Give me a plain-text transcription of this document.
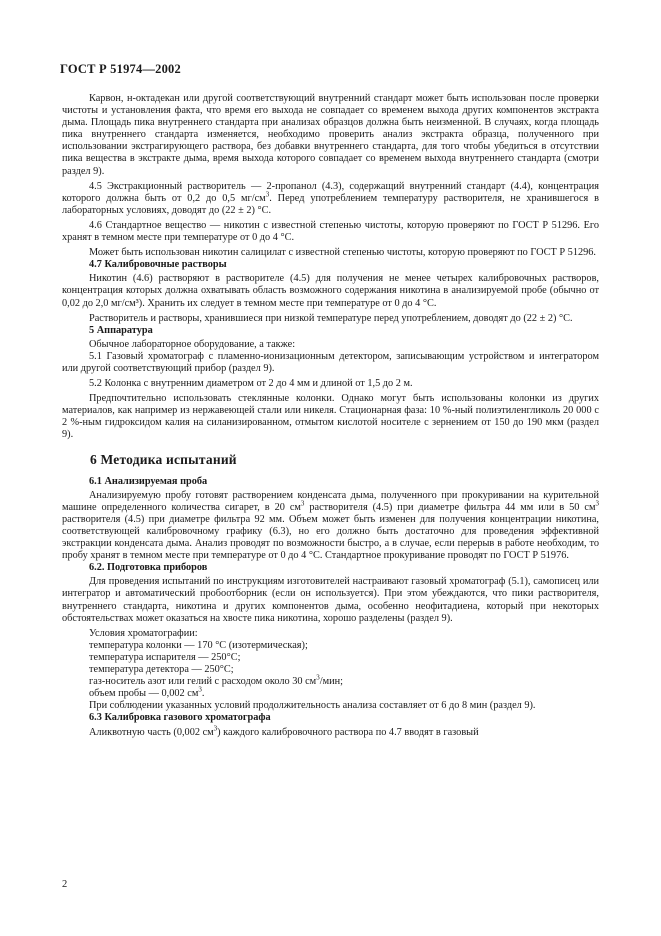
ГОСТ Р 51974—2002

Карвон, н-октадекан или другой соответствующий внутренний стандарт может быть использован после проверки чистоты и установления факта, что время его выхода не совпадает со временем выхода других компонентов экстракта дыма. Площадь пика внутреннего стандарта при анализах образцов должна быть неизменной. В случаях, когда площадь пика внутреннего стандарта изменяется, необходимо проверить анализ экстракта образца, полученного при использовании экстрагирующего раствора, без добавки внутреннего стандарта, для того чтобы убедиться в отсутствии пика вещества в экстракте дыма, время выхода которого совпадает со временем выхода внутреннего стандарта (смотри раздел 9).

4.5 Экстракционный растворитель — 2-пропанол (4.3), содержащий внутренний стандарт (4.4), концентрация которого должна быть от 0,2 до 0,5 $мг/см^3$. Перед употреблением температуру растворителя, не хранившегося в лабораторных условиях, доводят до (22 ± 2) °С.

4.6 Стандартное вещество — никотин с известной степенью чистоты, которую проверяют по ГОСТ Р 51296. Его хранят в темном месте при температуре от 0 до 4 °С.

Может быть использован никотин салицилат с известной степенью чистоты, которую проверяют по ГОСТ Р 51296.

4.7 Калибровочные растворы

Никотин (4.6) растворяют в растворителе (4.5) для получения не менее четырех калибровочных растворов, концентрация которых должна охватывать область возможного содержания никотина в анализируемой пробе (обычно от 0,02 до 2,0 мг/см³). Хранить их следует в темном месте при температуре от 0 до 4 °С.

Растворитель и растворы, хранившиеся при низкой температуре перед употреблением, доводят до (22 ± 2) °С.

5 Аппаратура

Обычное лабораторное оборудование, а также:

5.1 Газовый хроматограф с пламенно-ионизационным детектором, записывающим устройством и интегратором или другой соответствующий прибор (раздел 9).

5.2 Колонка с внутренним диаметром от 2 до 4 мм и длиной от 1,5 до 2 м.

Предпочтительно использовать стеклянные колонки. Однако могут быть использованы колонки из других материалов, как например из нержавеющей стали или никеля. Стационарная фаза: 10 %-ный полиэтиленгликоль 20 000 с 2 %-ным гидроксидом калия на силанизированном, отмытом кислотой носителе с зернением от 150 до 190 мкм (раздел 9).

6 Методика испытаний
6.1 Анализируемая проба

Анализируемую пробу готовят растворением конденсата дыма, полученного при прокуривании на курительной машине определенного количества сигарет, в 20 $см^3$ растворителя (4.5) при диаметре фильтра 44 мм или в 50 $см^3$ растворителя (4.5) при диаметре фильтра 92 мм. Объем может быть изменен для получения концентрации никотина, соответствующей калибровочному графику (6.3), но его должно быть достаточно для проведения эффективной экстракции конденсата дыма. Анализ проводят по возможности быстро, а в случае, если перерыв в работе необходим, то пробу хранят в темном месте при температуре от 0 до 4 °С. Стандартное прокуривание проводят по ГОСТ Р 51976.

6.2. Подготовка приборов

Для проведения испытаний по инструкциям изготовителей настраивают газовый хроматограф (5.1), самописец или интегратор и автоматический пробоотборник (если он используется). При этом убеждаются, что пики растворителя, внутреннего стандарта, никотина и других компонентов дыма, особенно неофитадиена, который при некоторых обстоятельствах может оказаться на хвосте пика никотина, хорошо разделены (раздел 9).

Условия хроматографии:
температура колонки — 170 °С (изотермическая);
температура испарителя — 250°С;
температура детектора — 250°С;
газ-носитель азот или гелий с расходом около 30 $см^3$/мин;
объем пробы — 0,002 $см^3$.

При соблюдении указанных условий продолжительность анализа составляет от 6 до 8 мин (раздел 9).

6.3 Калибровка газового хроматографа

Аликвотную часть (0,002 $см^3$) каждого калибровочного раствора по 4.7 вводят в газовый

2
